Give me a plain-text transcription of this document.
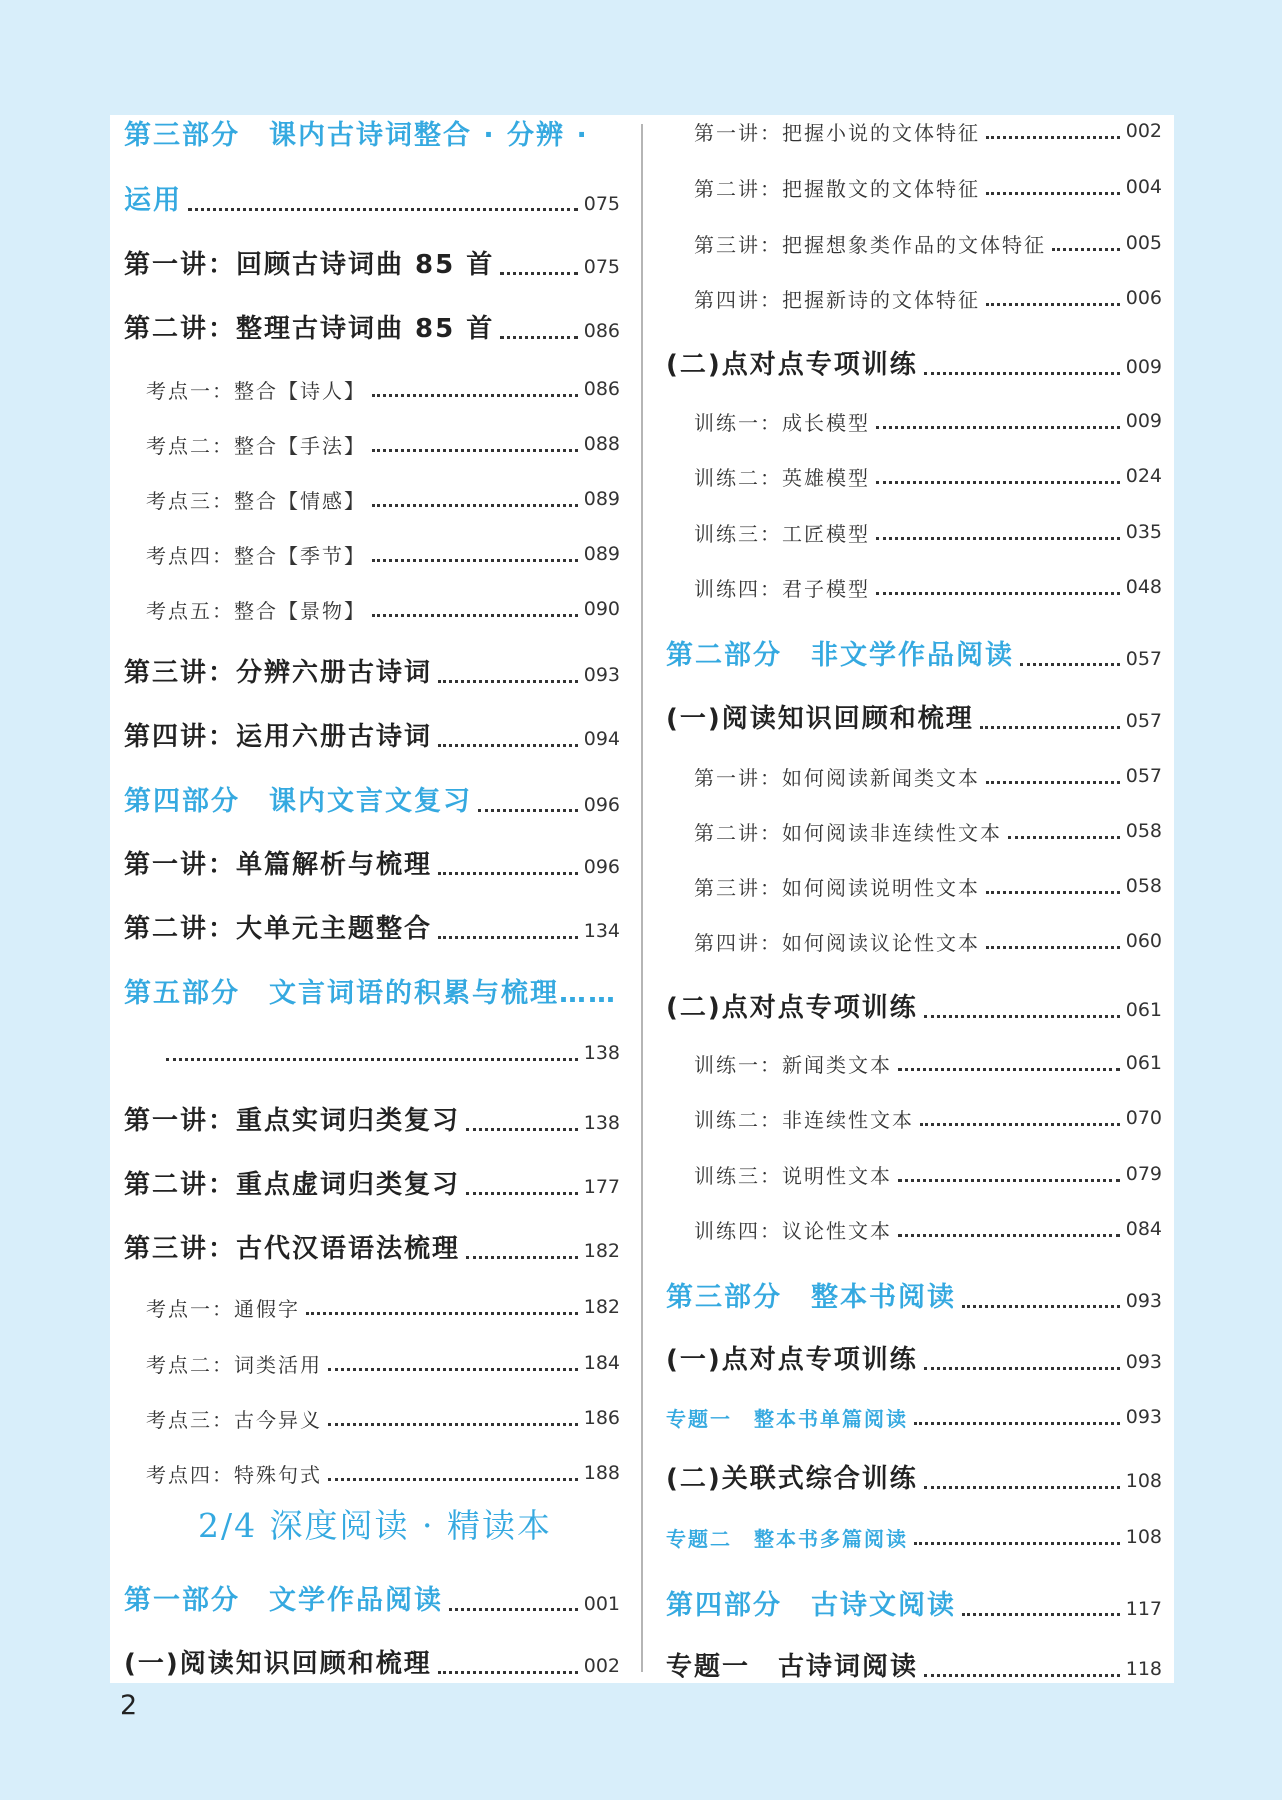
第三部分　课内古诗词整合 · 分辨 ·
运用	075
第一讲：回顾古诗词曲 85 首	075
第二讲：整理古诗词曲 85 首	086
考点一：整合【诗人】	086
考点二：整合【手法】	088
考点三：整合【情感】	089
考点四：整合【季节】	089
考点五：整合【景物】	090
第三讲：分辨六册古诗词	093
第四讲：运用六册古诗词	094
第四部分　课内文言文复习	096
第一讲：单篇解析与梳理	096
第二讲：大单元主题整合	134
第五部分　文言词语的积累与梳理……
138
第一讲：重点实词归类复习	138
第二讲：重点虚词归类复习	177
第三讲：古代汉语语法梳理	182
考点一：通假字	182
考点二：词类活用	184
考点三：古今异义	186
考点四：特殊句式	188
第一部分　文学作品阅读	001
(一)阅读知识回顾和梳理	002
第一讲：把握小说的文体特征	002
第二讲：把握散文的文体特征	004
第三讲：把握想象类作品的文体特征	005
第四讲：把握新诗的文体特征	006
(二)点对点专项训练	009
训练一：成长模型	009
训练二：英雄模型	024
训练三：工匠模型	035
训练四：君子模型	048
第二部分　非文学作品阅读	057
(一)阅读知识回顾和梳理	057
第一讲：如何阅读新闻类文本	057
第二讲：如何阅读非连续性文本	058
第三讲：如何阅读说明性文本	058
第四讲：如何阅读议论性文本	060
(二)点对点专项训练	061
训练一：新闻类文本	061
训练二：非连续性文本	070
训练三：说明性文本	079
训练四：议论性文本	084
第三部分　整本书阅读	093
(一)点对点专项训练	093
专题一　整本书单篇阅读	093
(二)关联式综合训练	108
专题二　整本书多篇阅读	108
第四部分　古诗文阅读	117
专题一　古诗词阅读	118
2/4 深度阅读 · 精读本
2
